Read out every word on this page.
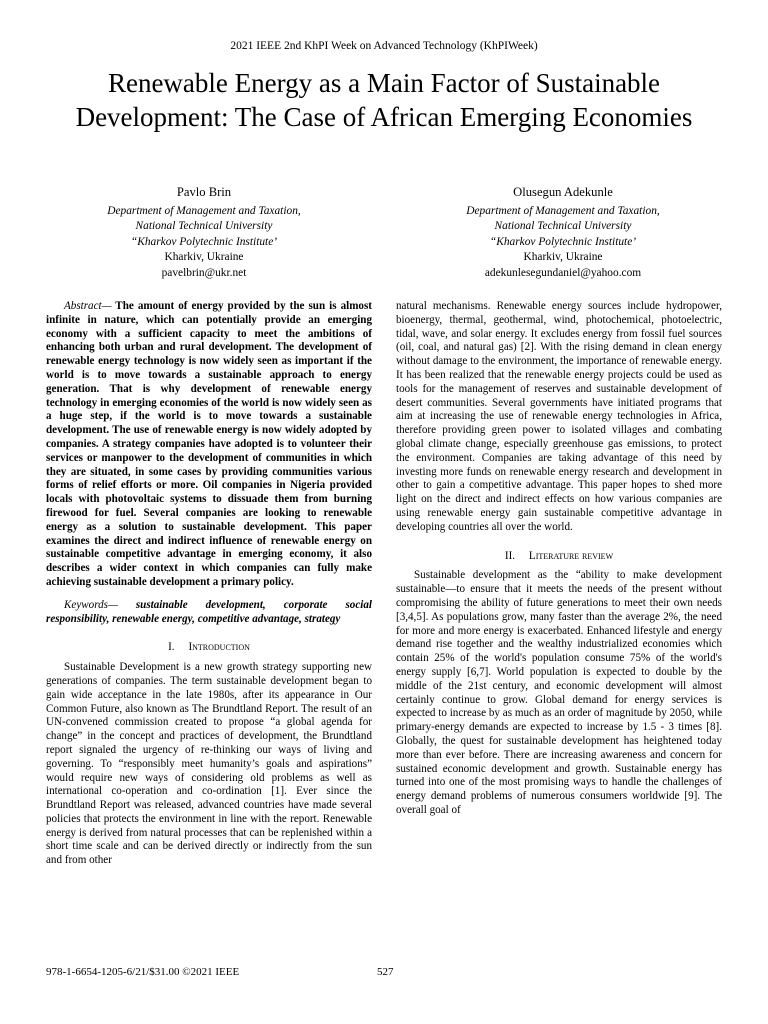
2021 IEEE 2nd KhPI Week on Advanced Technology (KhPIWeek)
Renewable Energy as a Main Factor of Sustainable Development: The Case of African Emerging Economies
Pavlo Brin
Department of Management and Taxation,
National Technical University
“Kharkov Polytechnic Institute’
Kharkiv, Ukraine
pavelbrin@ukr.net
Olusegun Adekunle
Department of Management and Taxation,
National Technical University
“Kharkov Polytechnic Institute’
Kharkiv, Ukraine
adekunlesegundaniel@yahoo.com

Abstract— The amount of energy provided by the sun is almost infinite in nature, which can potentially provide an emerging economy with a sufficient capacity to meet the ambitions of enhancing both urban and rural development. The development of renewable energy technology is now widely seen as important if the world is to move towards a sustainable approach to energy generation. That is why development of renewable energy technology in emerging economies of the world is now widely seen as a huge step, if the world is to move towards a sustainable development. The use of renewable energy is now widely adopted by companies. A strategy companies have adopted is to volunteer their services or manpower to the development of communities in which they are situated, in some cases by providing communities various forms of relief efforts or more. Oil companies in Nigeria provided locals with photovoltaic systems to dissuade them from burning firewood for fuel. Several companies are looking to renewable energy as a solution to sustainable development. This paper examines the direct and indirect influence of renewable energy on sustainable competitive advantage in emerging economy, it also describes a wider context in which companies can fully make achieving sustainable development a primary policy.

Keywords— sustainable development, corporate social responsibility, renewable energy, competitive advantage, strategy

I. Introduction

Sustainable Development is a new growth strategy supporting new generations of companies. The term sustainable development began to gain wide acceptance in the late 1980s, after its appearance in Our Common Future, also known as The Brundtland Report. The result of an UN-convened commission created to propose “a global agenda for change” in the concept and practices of development, the Brundtland report signaled the urgency of re-thinking our ways of living and governing. To “responsibly meet humanity’s goals and aspirations” would require new ways of considering old problems as well as international co-operation and co-ordination [1]. Ever since the Brundtland Report was released, advanced countries have made several policies that protects the environment in line with the report. Renewable energy is derived from natural processes that can be replenished within a short time scale and can be derived directly or indirectly from the sun and from other

natural mechanisms. Renewable energy sources include hydropower, bioenergy, thermal, geothermal, wind, photochemical, photoelectric, tidal, wave, and solar energy. It excludes energy from fossil fuel sources (oil, coal, and natural gas) [2]. With the rising demand in clean energy without damage to the environment, the importance of renewable energy. It has been realized that the renewable energy projects could be used as tools for the management of reserves and sustainable development of desert communities. Several governments have initiated programs that aim at increasing the use of renewable energy technologies in Africa, therefore providing green power to isolated villages and combating global climate change, especially greenhouse gas emissions, to protect the environment. Companies are taking advantage of this need by investing more funds on renewable energy research and development in other to gain a competitive advantage. This paper hopes to shed more light on the direct and indirect effects on how various companies are using renewable energy gain sustainable competitive advantage in developing countries all over the world.

II. Literature review

Sustainable development as the “ability to make development sustainable—to ensure that it meets the needs of the present without compromising the ability of future generations to meet their own needs [3,4,5]. As populations grow, many faster than the average 2%, the need for more and more energy is exacerbated. Enhanced lifestyle and energy demand rise together and the wealthy industrialized economies which contain 25% of the world's population consume 75% of the world's energy supply [6,7]. World population is expected to double by the middle of the 21st century, and economic development will almost certainly continue to grow. Global demand for energy services is expected to increase by as much as an order of magnitude by 2050, while primary-energy demands are expected to increase by 1.5 - 3 times [8]. Globally, the quest for sustainable development has heightened today more than ever before. There are increasing awareness and concern for sustained economic development and growth. Sustainable energy has turned into one of the most promising ways to handle the challenges of energy demand problems of numerous consumers worldwide [9]. The overall goal of

978-1-6654-1205-6/21/$31.00 ©2021 IEEE	527
